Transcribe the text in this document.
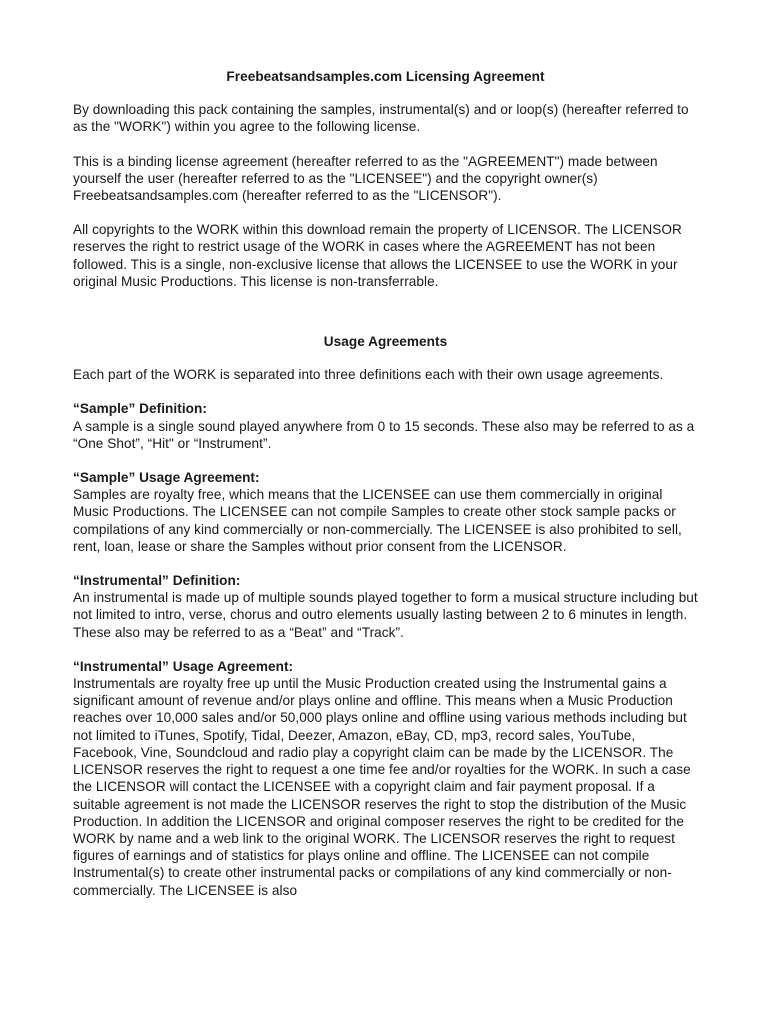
Freebeatsandsamples.com Licensing Agreement

By downloading this pack containing the samples, instrumental(s) and or loop(s) (hereafter referred to as the "WORK") within you agree to the following license.

This is a binding license agreement (hereafter referred to as the "AGREEMENT") made between yourself the user (hereafter referred to as the "LICENSEE") and the copyright owner(s) Freebeatsandsamples.com (hereafter referred to as the "LICENSOR").

All copyrights to the WORK within this download remain the property of LICENSOR. The LICENSOR reserves the right to restrict usage of the WORK in cases where the AGREEMENT has not been followed. This is a single, non-exclusive license that allows the LICENSEE to use the WORK in your original Music Productions. This license is non-transferrable.

Usage Agreements

Each part of the WORK is separated into three definitions each with their own usage agreements.

“Sample” Definition:

A sample is a single sound played anywhere from 0 to 15 seconds. These also may be referred to as a “One Shot”, “Hit" or “Instrument”.

“Sample” Usage Agreement:

Samples are royalty free, which means that the LICENSEE can use them commercially in original Music Productions. The LICENSEE can not compile Samples to create other stock sample packs or compilations of any kind commercially or non-commercially. The LICENSEE is also prohibited to sell, rent, loan, lease or share the Samples without prior consent from the LICENSOR.

“Instrumental” Definition:

An instrumental is made up of multiple sounds played together to form a musical structure including but not limited to intro, verse, chorus and outro elements usually lasting between 2 to 6 minutes in length. These also may be referred to as a “Beat” and “Track”.

“Instrumental” Usage Agreement:

Instrumentals are royalty free up until the Music Production created using the Instrumental gains a significant amount of revenue and/or plays online and offline. This means when a Music Production reaches over 10,000 sales and/or 50,000 plays online and offline using various methods including but not limited to iTunes, Spotify, Tidal, Deezer, Amazon, eBay, CD, mp3, record sales, YouTube, Facebook, Vine, Soundcloud and radio play a copyright claim can be made by the LICENSOR. The LICENSOR reserves the right to request a one time fee and/or royalties for the WORK. In such a case the LICENSOR will contact the LICENSEE with a copyright claim and fair payment proposal. If a suitable agreement is not made the LICENSOR reserves the right to stop the distribution of the Music Production. In addition the LICENSOR and original composer reserves the right to be credited for the WORK by name and a web link to the original WORK. The LICENSOR reserves the right to request figures of earnings and of statistics for plays online and offline. The LICENSEE can not compile Instrumental(s) to create other instrumental packs or compilations of any kind commercially or non-commercially. The LICENSEE is also
